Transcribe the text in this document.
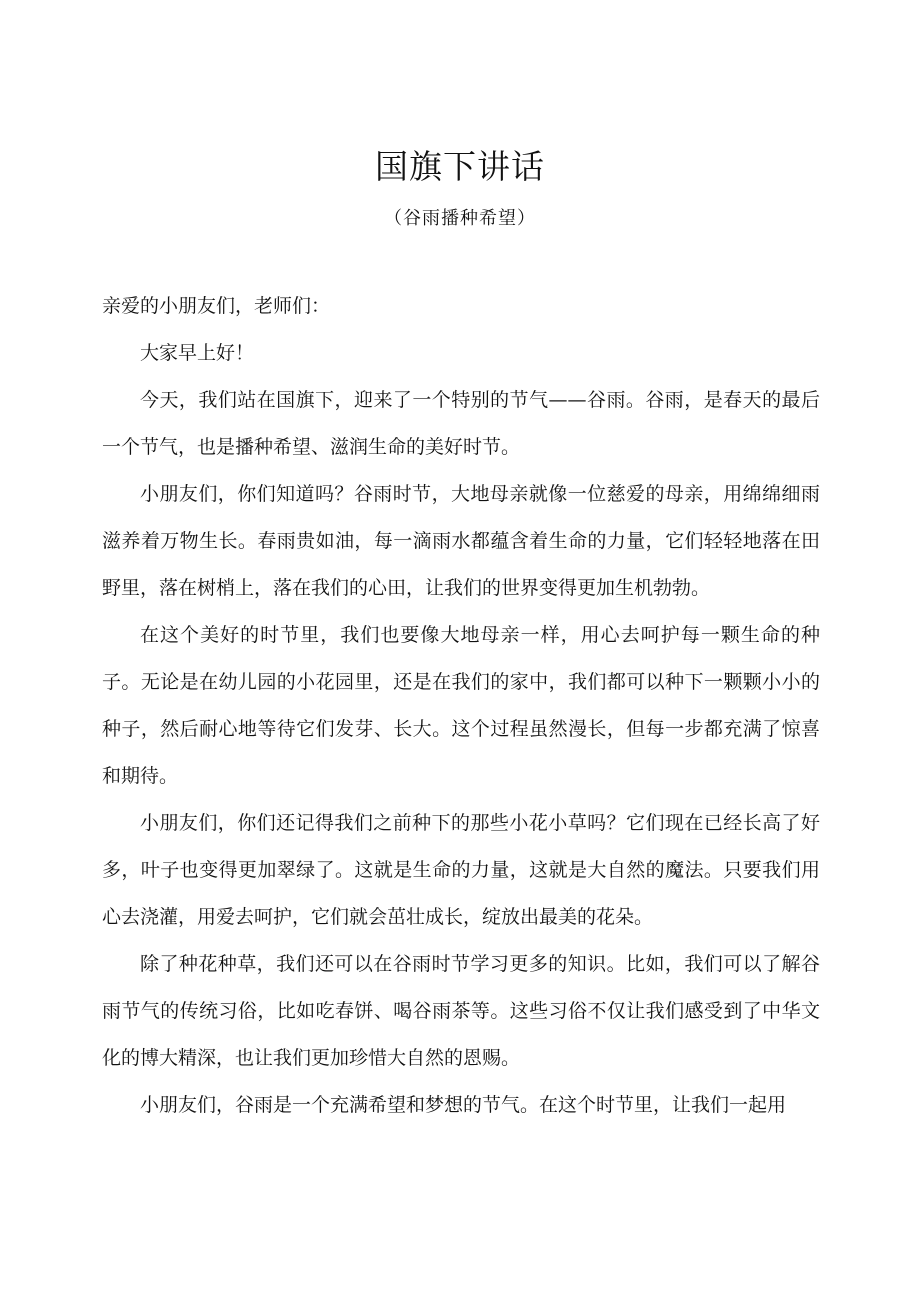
国旗下讲话
（谷雨播种希望）

亲爱的小朋友们，老师们：

大家早上好！

今天，我们站在国旗下，迎来了一个特别的节气——谷雨。谷雨，是春天的最后一个节气，也是播种希望、滋润生命的美好时节。

小朋友们，你们知道吗？谷雨时节，大地母亲就像一位慈爱的母亲，用绵绵细雨滋养着万物生长。春雨贵如油，每一滴雨水都蕴含着生命的力量，它们轻轻地落在田野里，落在树梢上，落在我们的心田，让我们的世界变得更加生机勃勃。

在这个美好的时节里，我们也要像大地母亲一样，用心去呵护每一颗生命的种子。无论是在幼儿园的小花园里，还是在我们的家中，我们都可以种下一颗颗小小的种子，然后耐心地等待它们发芽、长大。这个过程虽然漫长，但每一步都充满了惊喜和期待。

小朋友们，你们还记得我们之前种下的那些小花小草吗？它们现在已经长高了好多，叶子也变得更加翠绿了。这就是生命的力量，这就是大自然的魔法。只要我们用心去浇灌，用爱去呵护，它们就会茁壮成长，绽放出最美的花朵。

除了种花种草，我们还可以在谷雨时节学习更多的知识。比如，我们可以了解谷雨节气的传统习俗，比如吃春饼、喝谷雨茶等。这些习俗不仅让我们感受到了中华文化的博大精深，也让我们更加珍惜大自然的恩赐。

小朋友们，谷雨是一个充满希望和梦想的节气。在这个时节里，让我们一起用
